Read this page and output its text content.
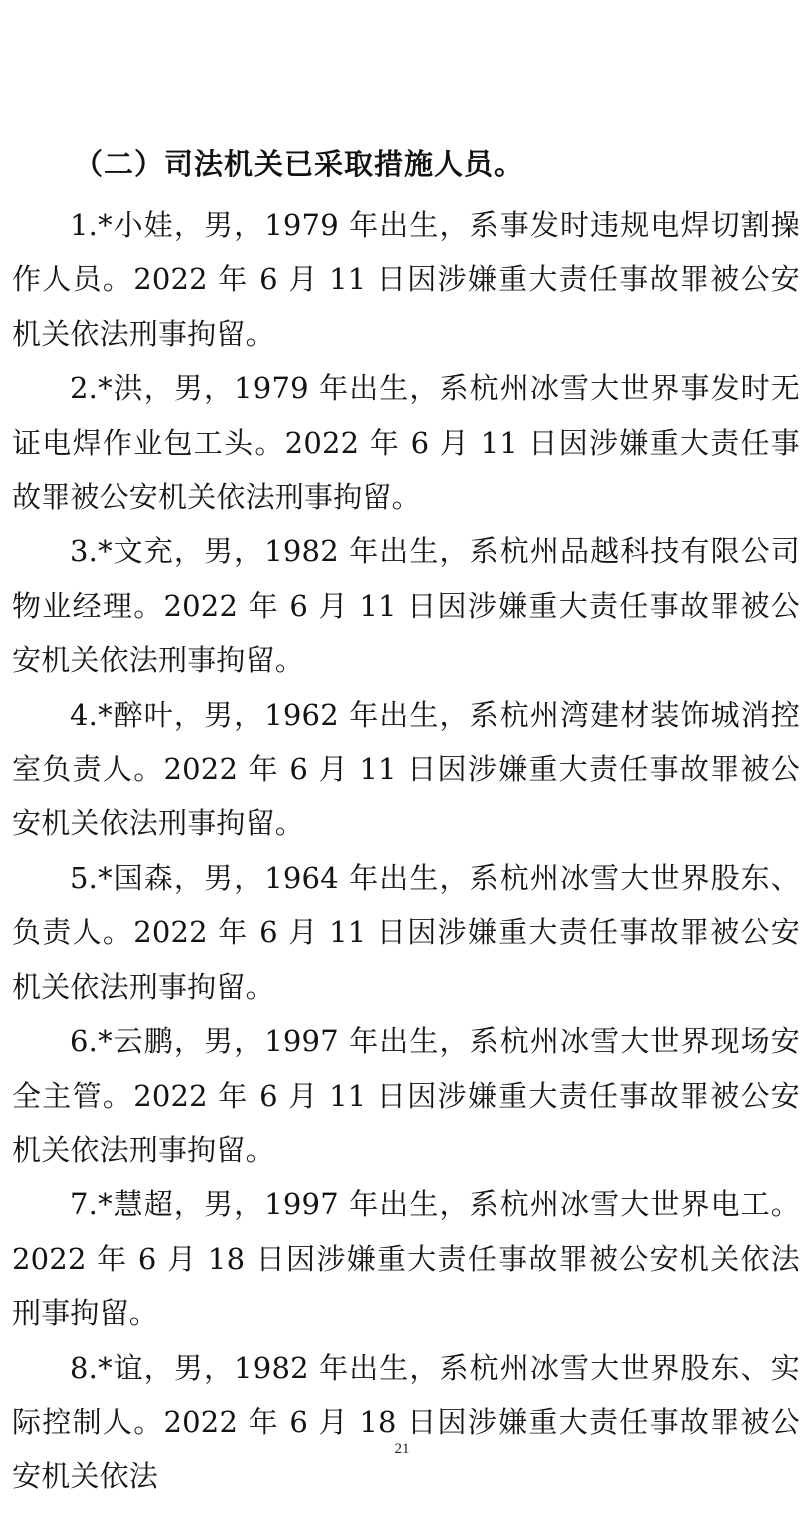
（二）司法机关已采取措施人员。

1.*小娃，男，1979 年出生，系事发时违规电焊切割操作人员。2022 年 6 月 11 日因涉嫌重大责任事故罪被公安机关依法刑事拘留。

2.*洪，男，1979 年出生，系杭州冰雪大世界事发时无证电焊作业包工头。2022 年 6 月 11 日因涉嫌重大责任事故罪被公安机关依法刑事拘留。

3.*文充，男，1982 年出生，系杭州品越科技有限公司物业经理。2022 年 6 月 11 日因涉嫌重大责任事故罪被公安机关依法刑事拘留。

4.*醉叶，男，1962 年出生，系杭州湾建材装饰城消控室负责人。2022 年 6 月 11 日因涉嫌重大责任事故罪被公安机关依法刑事拘留。

5.*国森，男，1964 年出生，系杭州冰雪大世界股东、负责人。2022 年 6 月 11 日因涉嫌重大责任事故罪被公安机关依法刑事拘留。

6.*云鹏，男，1997 年出生，系杭州冰雪大世界现场安全主管。2022 年 6 月 11 日因涉嫌重大责任事故罪被公安机关依法刑事拘留。

7.*慧超，男，1997 年出生，系杭州冰雪大世界电工。2022 年 6 月 18 日因涉嫌重大责任事故罪被公安机关依法刑事拘留。

8.*谊，男，1982 年出生，系杭州冰雪大世界股东、实际控制人。2022 年 6 月 18 日因涉嫌重大责任事故罪被公安机关依法

21
